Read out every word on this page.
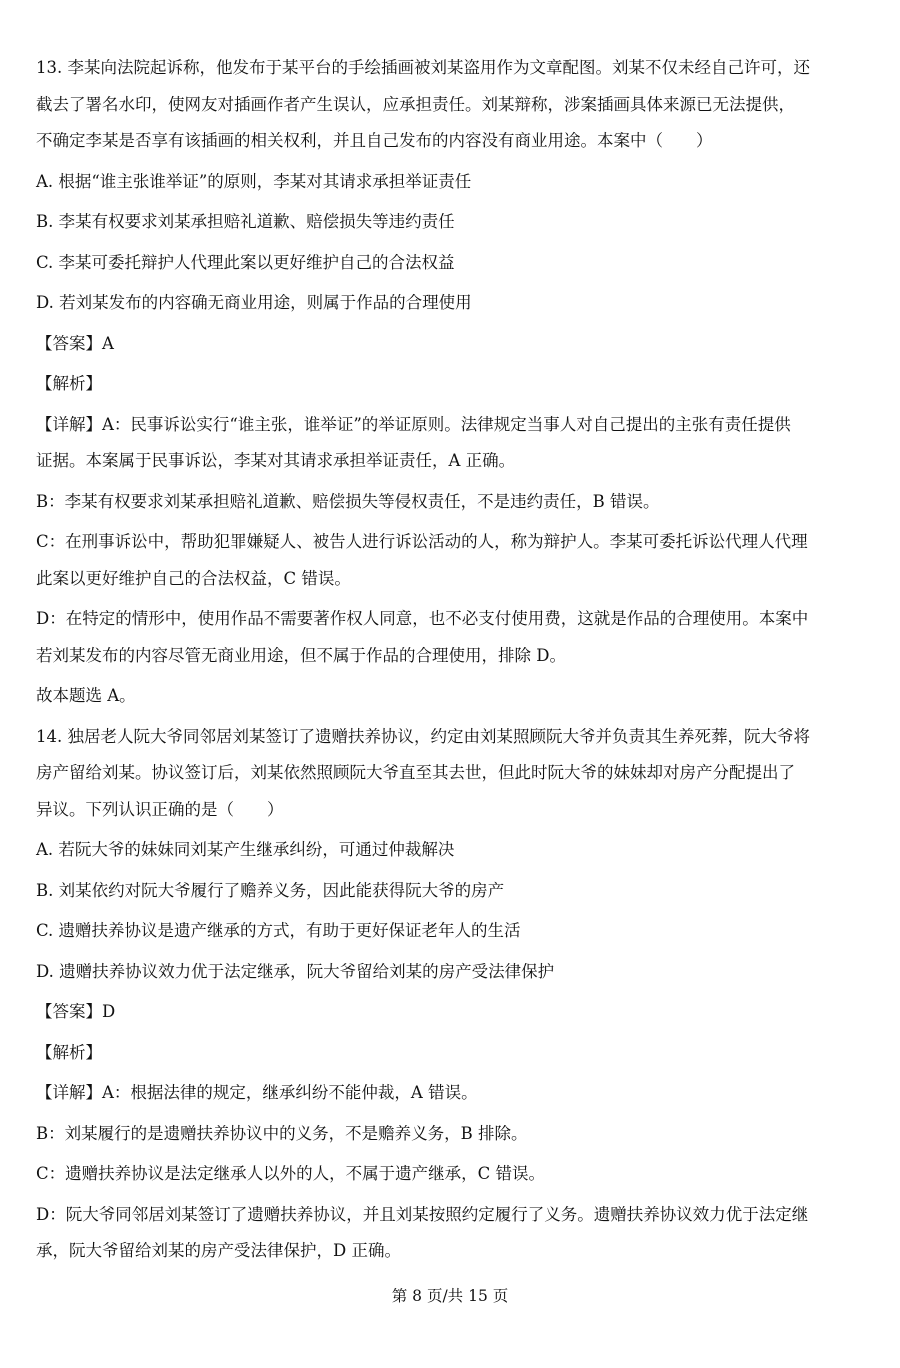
13. 李某向法院起诉称，他发布于某平台的手绘插画被刘某盗用作为文章配图。刘某不仅未经自己许可，还

截去了署名水印，使网友对插画作者产生误认，应承担责任。刘某辩称，涉案插画具体来源已无法提供，

不确定李某是否享有该插画的相关权利，并且自己发布的内容没有商业用途。本案中（　　）

A. 根据“谁主张谁举证”的原则，李某对其请求承担举证责任

B. 李某有权要求刘某承担赔礼道歉、赔偿损失等违约责任

C. 李某可委托辩护人代理此案以更好维护自己的合法权益

D. 若刘某发布的内容确无商业用途，则属于作品的合理使用

【答案】A

【解析】

【详解】A：民事诉讼实行“谁主张，谁举证”的举证原则。法律规定当事人对自己提出的主张有责任提供

证据。本案属于民事诉讼，李某对其请求承担举证责任，A 正确。

B：李某有权要求刘某承担赔礼道歉、赔偿损失等侵权责任，不是违约责任，B 错误。

C：在刑事诉讼中，帮助犯罪嫌疑人、被告人进行诉讼活动的人，称为辩护人。李某可委托诉讼代理人代理

此案以更好维护自己的合法权益，C 错误。

D：在特定的情形中，使用作品不需要著作权人同意，也不必支付使用费，这就是作品的合理使用。本案中

若刘某发布的内容尽管无商业用途，但不属于作品的合理使用，排除 D。

故本题选 A。

14. 独居老人阮大爷同邻居刘某签订了遗赠扶养协议，约定由刘某照顾阮大爷并负责其生养死葬，阮大爷将

房产留给刘某。协议签订后，刘某依然照顾阮大爷直至其去世，但此时阮大爷的妹妹却对房产分配提出了

异议。下列认识正确的是（　　）

A. 若阮大爷的妹妹同刘某产生继承纠纷，可通过仲裁解决

B. 刘某依约对阮大爷履行了赡养义务，因此能获得阮大爷的房产

C. 遗赠扶养协议是遗产继承的方式，有助于更好保证老年人的生活

D. 遗赠扶养协议效力优于法定继承，阮大爷留给刘某的房产受法律保护

【答案】D

【解析】

【详解】A：根据法律的规定，继承纠纷不能仲裁，A 错误。

B：刘某履行的是遗赠扶养协议中的义务，不是赡养义务，B 排除。

C：遗赠扶养协议是法定继承人以外的人，不属于遗产继承，C 错误。

D：阮大爷同邻居刘某签订了遗赠扶养协议，并且刘某按照约定履行了义务。遗赠扶养协议效力优于法定继

承，阮大爷留给刘某的房产受法律保护，D 正确。

第 8 页/共 15 页
